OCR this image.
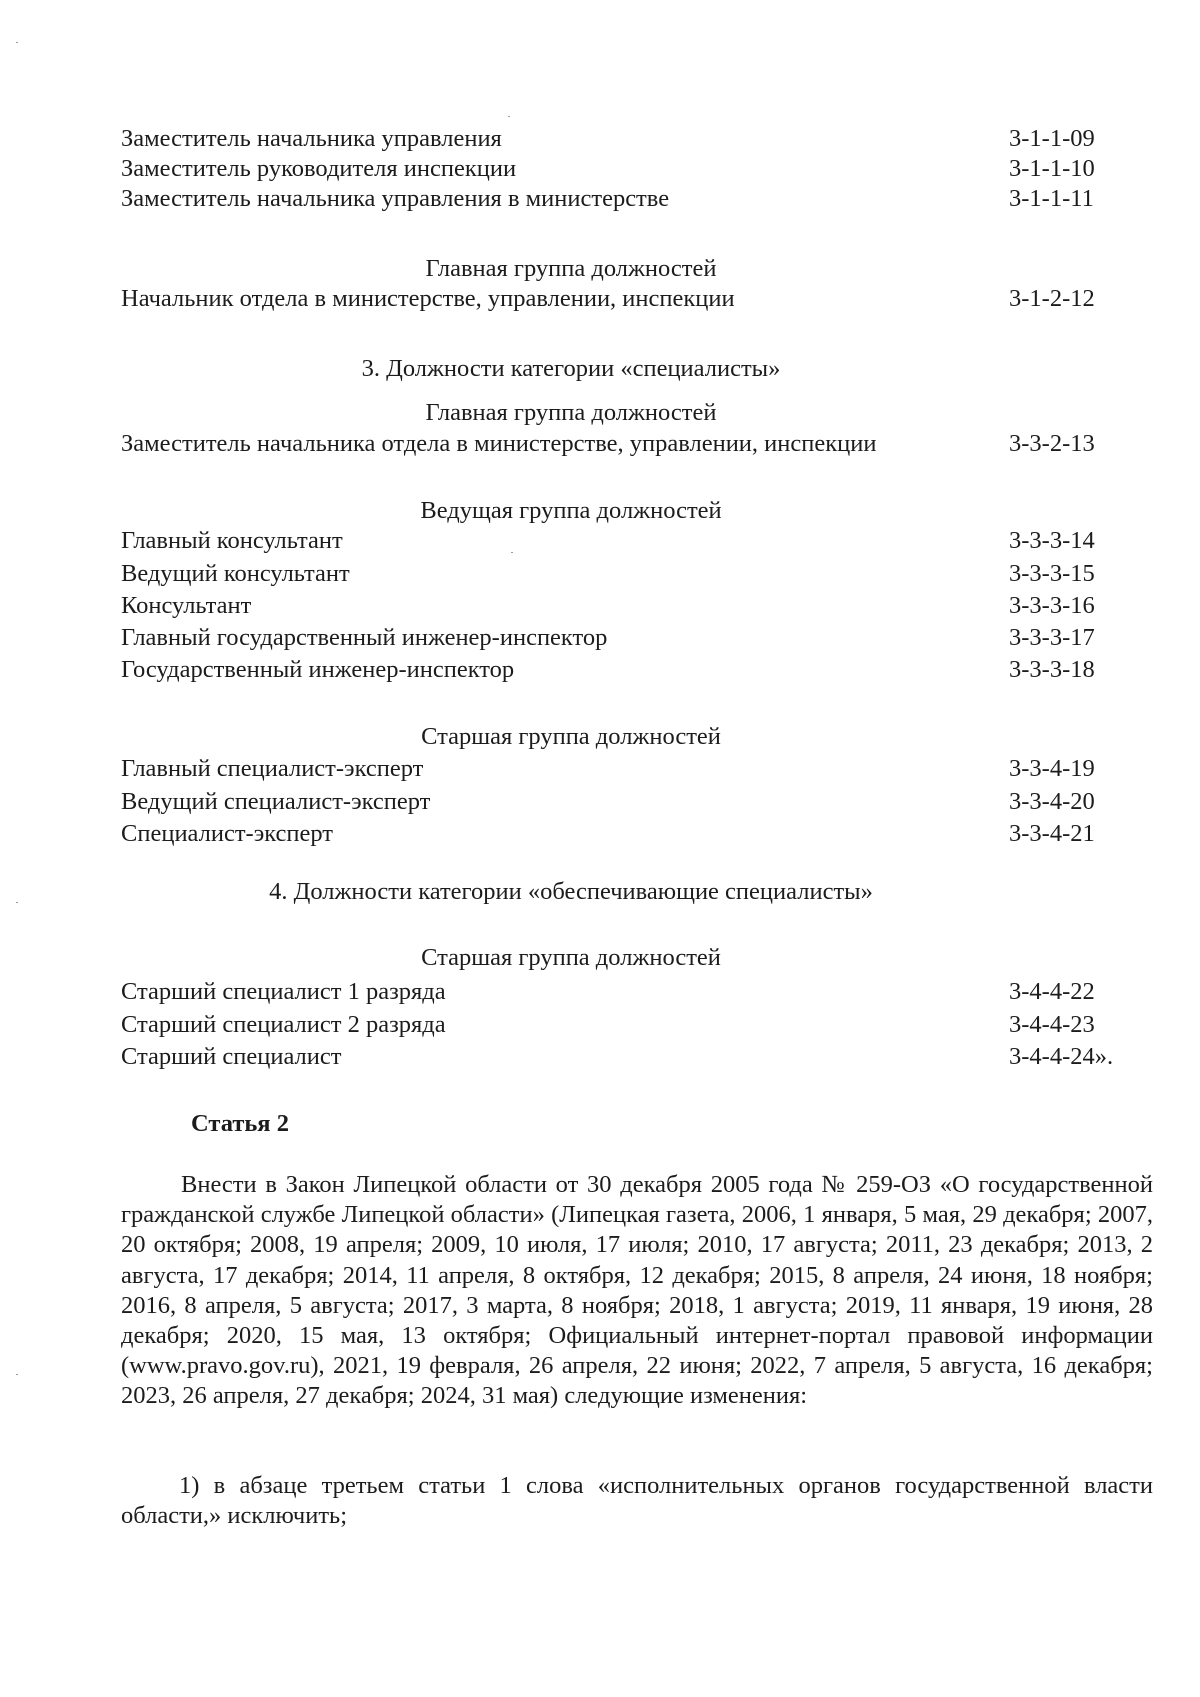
Заместитель начальника управления	3-1-1-09
Заместитель руководителя инспекции	3-1-1-10
Заместитель начальника управления в министерстве	3-1-1-11
Главная группа должностей
Начальник отдела в министерстве, управлении, инспекции	3-1-2-12
3. Должности категории «специалисты»
Главная группа должностей
Заместитель начальника отдела в министерстве, управлении, инспекции	3-3-2-13
Ведущая группа должностей
Главный консультант	3-3-3-14
Ведущий консультант	3-3-3-15
Консультант	3-3-3-16
Главный государственный инженер-инспектор	3-3-3-17
Государственный инженер-инспектор	3-3-3-18
Старшая группа должностей
Главный специалист-эксперт	3-3-4-19
Ведущий специалист-эксперт	3-3-4-20
Специалист-эксперт	3-3-4-21
4. Должности категории «обеспечивающие специалисты»
Старшая группа должностей
Старший специалист 1 разряда	3-4-4-22
Старший специалист 2 разряда	3-4-4-23
Старший специалист	3-4-4-24».
Статья 2
Внести в Закон Липецкой области от 30 декабря 2005 года № 259-ОЗ «О государственной гражданской службе Липецкой области» (Липецкая газета, 2006, 1 января, 5 мая, 29 декабря; 2007, 20 октября; 2008, 19 апреля; 2009, 10 июля, 17 июля; 2010, 17 августа; 2011, 23 декабря; 2013, 2 августа, 17 декабря; 2014, 11 апреля, 8 октября, 12 декабря; 2015, 8 апреля, 24 июня, 18 ноября; 2016, 8 апреля, 5 августа; 2017, 3 марта, 8 ноября; 2018, 1 августа; 2019, 11 января, 19 июня, 28 декабря; 2020, 15 мая, 13 октября; Официальный интернет-портал правовой информации (www.pravo.gov.ru), 2021, 19 февраля, 26 апреля, 22 июня; 2022, 7 апреля, 5 августа, 16 декабря; 2023, 26 апреля, 27 декабря; 2024, 31 мая) следующие изменения:
1) в абзаце третьем статьи 1 слова «исполнительных органов государственной власти области,» исключить;
